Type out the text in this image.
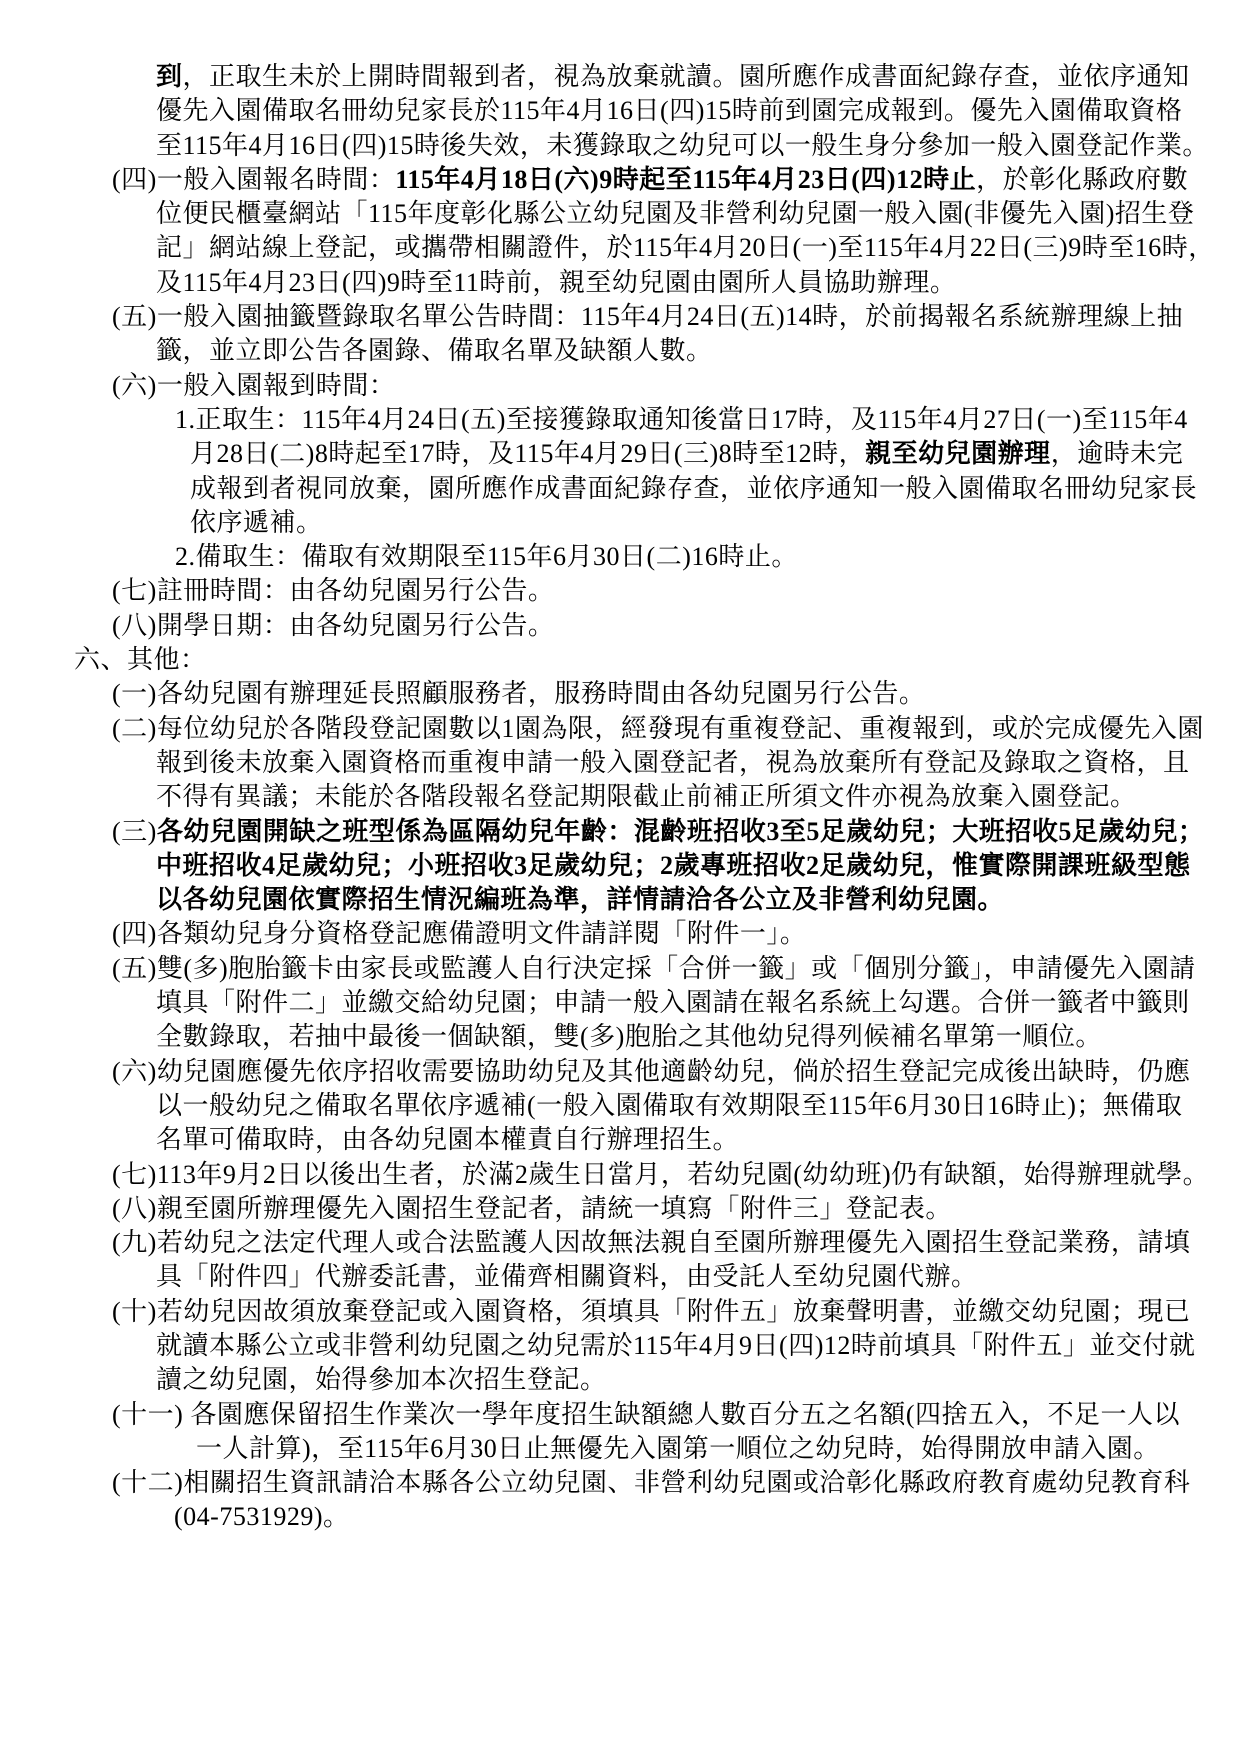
到，正取生未於上開時間報到者，視為放棄就讀。園所應作成書面紀錄存查，並依序通知
優先入園備取名冊幼兒家長於115年4月16日(四)15時前到園完成報到。優先入園備取資格
至115年4月16日(四)15時後失效，未獲錄取之幼兒可以一般生身分參加一般入園登記作業。
(四)一般入園報名時間：115年4月18日(六)9時起至115年4月23日(四)12時止，於彰化縣政府數
位便民櫃臺網站「115年度彰化縣公立幼兒園及非營利幼兒園一般入園(非優先入園)招生登
記」網站線上登記，或攜帶相關證件，於115年4月20日(一)至115年4月22日(三)9時至16時，
及115年4月23日(四)9時至11時前，親至幼兒園由園所人員協助辦理。
(五)一般入園抽籤暨錄取名單公告時間：115年4月24日(五)14時，於前揭報名系統辦理線上抽
籤，並立即公告各園錄、備取名單及缺額人數。
(六)一般入園報到時間：
1.正取生：115年4月24日(五)至接獲錄取通知後當日17時，及115年4月27日(一)至115年4
月28日(二)8時起至17時，及115年4月29日(三)8時至12時，親至幼兒園辦理，逾時未完
成報到者視同放棄，園所應作成書面紀錄存查，並依序通知一般入園備取名冊幼兒家長
依序遞補。
2.備取生：備取有效期限至115年6月30日(二)16時止。
(七)註冊時間：由各幼兒園另行公告。
(八)開學日期：由各幼兒園另行公告。
六、其他：
(一)各幼兒園有辦理延長照顧服務者，服務時間由各幼兒園另行公告。
(二)每位幼兒於各階段登記園數以1園為限，經發現有重複登記、重複報到，或於完成優先入園
報到後未放棄入園資格而重複申請一般入園登記者，視為放棄所有登記及錄取之資格，且
不得有異議；未能於各階段報名登記期限截止前補正所須文件亦視為放棄入園登記。
(三)各幼兒園開缺之班型係為區隔幼兒年齡：混齡班招收3至5足歲幼兒；大班招收5足歲幼兒；
中班招收4足歲幼兒；小班招收3足歲幼兒；2歲專班招收2足歲幼兒，惟實際開課班級型態
以各幼兒園依實際招生情況編班為準，詳情請洽各公立及非營利幼兒園。
(四)各類幼兒身分資格登記應備證明文件請詳閱「附件一」。
(五)雙(多)胞胎籤卡由家長或監護人自行決定採「合併一籤」或「個別分籤」，申請優先入園請
填具「附件二」並繳交給幼兒園；申請一般入園請在報名系統上勾選。合併一籤者中籤則
全數錄取，若抽中最後一個缺額，雙(多)胞胎之其他幼兒得列候補名單第一順位。
(六)幼兒園應優先依序招收需要協助幼兒及其他適齡幼兒，倘於招生登記完成後出缺時，仍應
以一般幼兒之備取名單依序遞補(一般入園備取有效期限至115年6月30日16時止)；無備取
名單可備取時，由各幼兒園本權責自行辦理招生。
(七)113年9月2日以後出生者，於滿2歲生日當月，若幼兒園(幼幼班)仍有缺額，始得辦理就學。
(八)親至園所辦理優先入園招生登記者，請統一填寫「附件三」登記表。
(九)若幼兒之法定代理人或合法監護人因故無法親自至園所辦理優先入園招生登記業務，請填
具「附件四」代辦委託書，並備齊相關資料，由受託人至幼兒園代辦。
(十)若幼兒因故須放棄登記或入園資格，須填具「附件五」放棄聲明書，並繳交幼兒園；現已
就讀本縣公立或非營利幼兒園之幼兒需於115年4月9日(四)12時前填具「附件五」並交付就
讀之幼兒園，始得參加本次招生登記。
(十一) 各園應保留招生作業次一學年度招生缺額總人數百分五之名額(四捨五入，不足一人以
一人計算)，至115年6月30日止無優先入園第一順位之幼兒時，始得開放申請入園。
(十二)相關招生資訊請洽本縣各公立幼兒園、非營利幼兒園或洽彰化縣政府教育處幼兒教育科
(04-7531929)。
